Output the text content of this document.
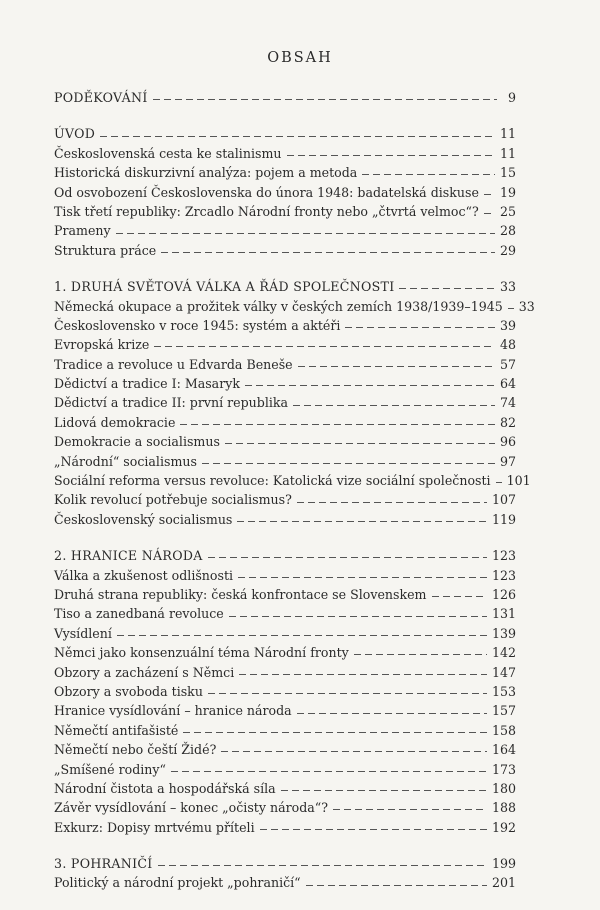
OBSAH
PODĚKOVÁNÍ	9
ÚVOD	11
Československá cesta ke stalinismu	11
Historická diskurzivní analýza: pojem a metoda	15
Od osvobození Československa do února 1948: badatelská diskuse 19
Tisk třetí republiky: Zrcadlo Národní fronty nebo „čtvrtá velmoc“? 25
Prameny	28
Struktura práce	29
1. DRUHÁ SVĚTOVÁ VÁLKA A ŘÁD SPOLEČNOSTI	33
Německá okupace a prožitek války v českých zemích 1938/1939–1945 33
Československo v roce 1945: systém a aktéři	39
Evropská krize	48
Tradice a revoluce u Edvarda Beneše	57
Dědictví a tradice I: Masaryk	64
Dědictví a tradice II: první republika	74
Lidová demokracie	82
Demokracie a socialismus	96
„Národní“ socialismus	97
Sociální reforma versus revoluce: Katolická vize sociální společnosti 101
Kolik revolucí potřebuje socialismus?	107
Československý socialismus	119
2. HRANICE NÁRODA	123
Válka a zkušenost odlišnosti	123
Druhá strana republiky: česká konfrontace se Slovenskem	126
Tiso a zanedbaná revoluce	131
Vysídlení	139
Němci jako konsenzuální téma Národní fronty	142
Obzory a zacházení s Němci	147
Obzory a svoboda tisku	153
Hranice vysídlování – hranice národa	157
Němečtí antifašisté	158
Němečtí nebo čeští Židé?	164
„Smíšené rodiny“	173
Národní čistota a hospodářská síla	180
Závěr vysídlování – konec „očisty národa“?	188
Exkurz: Dopisy mrtvému příteli	192
3. POHRANIČÍ	199
Politický a národní projekt „pohraničí“	201
